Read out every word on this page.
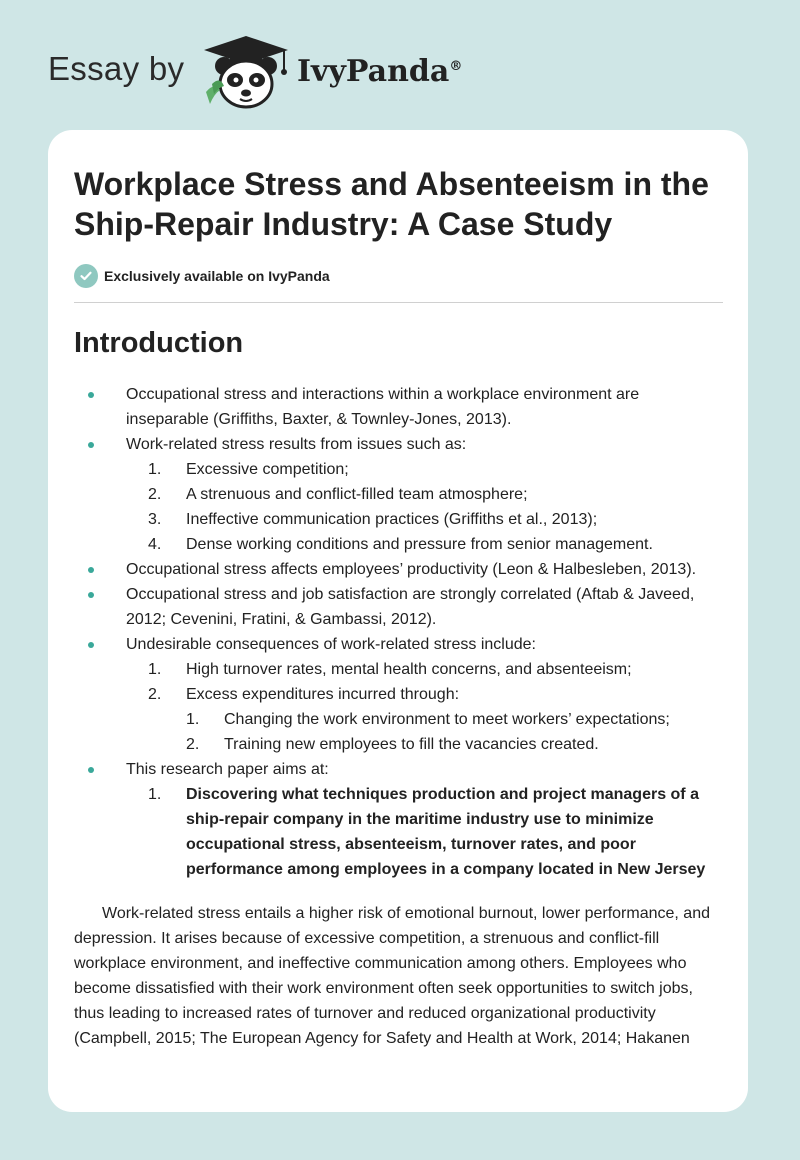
Essay by	IvyPanda®
Workplace Stress and Absenteeism in the Ship-Repair Industry: A Case Study
Exclusively available on IvyPanda
Introduction
Occupational stress and interactions within a workplace environment are inseparable (Griffiths, Baxter, & Townley-Jones, 2013).
Work-related stress results from issues such as:
1. Excessive competition;
2. A strenuous and conflict-filled team atmosphere;
3. Ineffective communication practices (Griffiths et al., 2013);
4. Dense working conditions and pressure from senior management.
Occupational stress affects employees’ productivity (Leon & Halbesleben, 2013).
Occupational stress and job satisfaction are strongly correlated (Aftab & Javeed, 2012; Cevenini, Fratini, & Gambassi, 2012).
Undesirable consequences of work-related stress include:
1. High turnover rates, mental health concerns, and absenteeism;
2. Excess expenditures incurred through:
1. Changing the work environment to meet workers’ expectations;
2. Training new employees to fill the vacancies created.
This research paper aims at:
1. Discovering what techniques production and project managers of a ship-repair company in the maritime industry use to minimize occupational stress, absenteeism, turnover rates, and poor performance among employees in a company located in New Jersey

Work-related stress entails a higher risk of emotional burnout, lower performance, and depression. It arises because of excessive competition, a strenuous and conflict-fill workplace environment, and ineffective communication among others. Employees who become dissatisfied with their work environment often seek opportunities to switch jobs, thus leading to increased rates of turnover and reduced organizational productivity (Campbell, 2015; The European Agency for Safety and Health at Work, 2014; Hakanen
